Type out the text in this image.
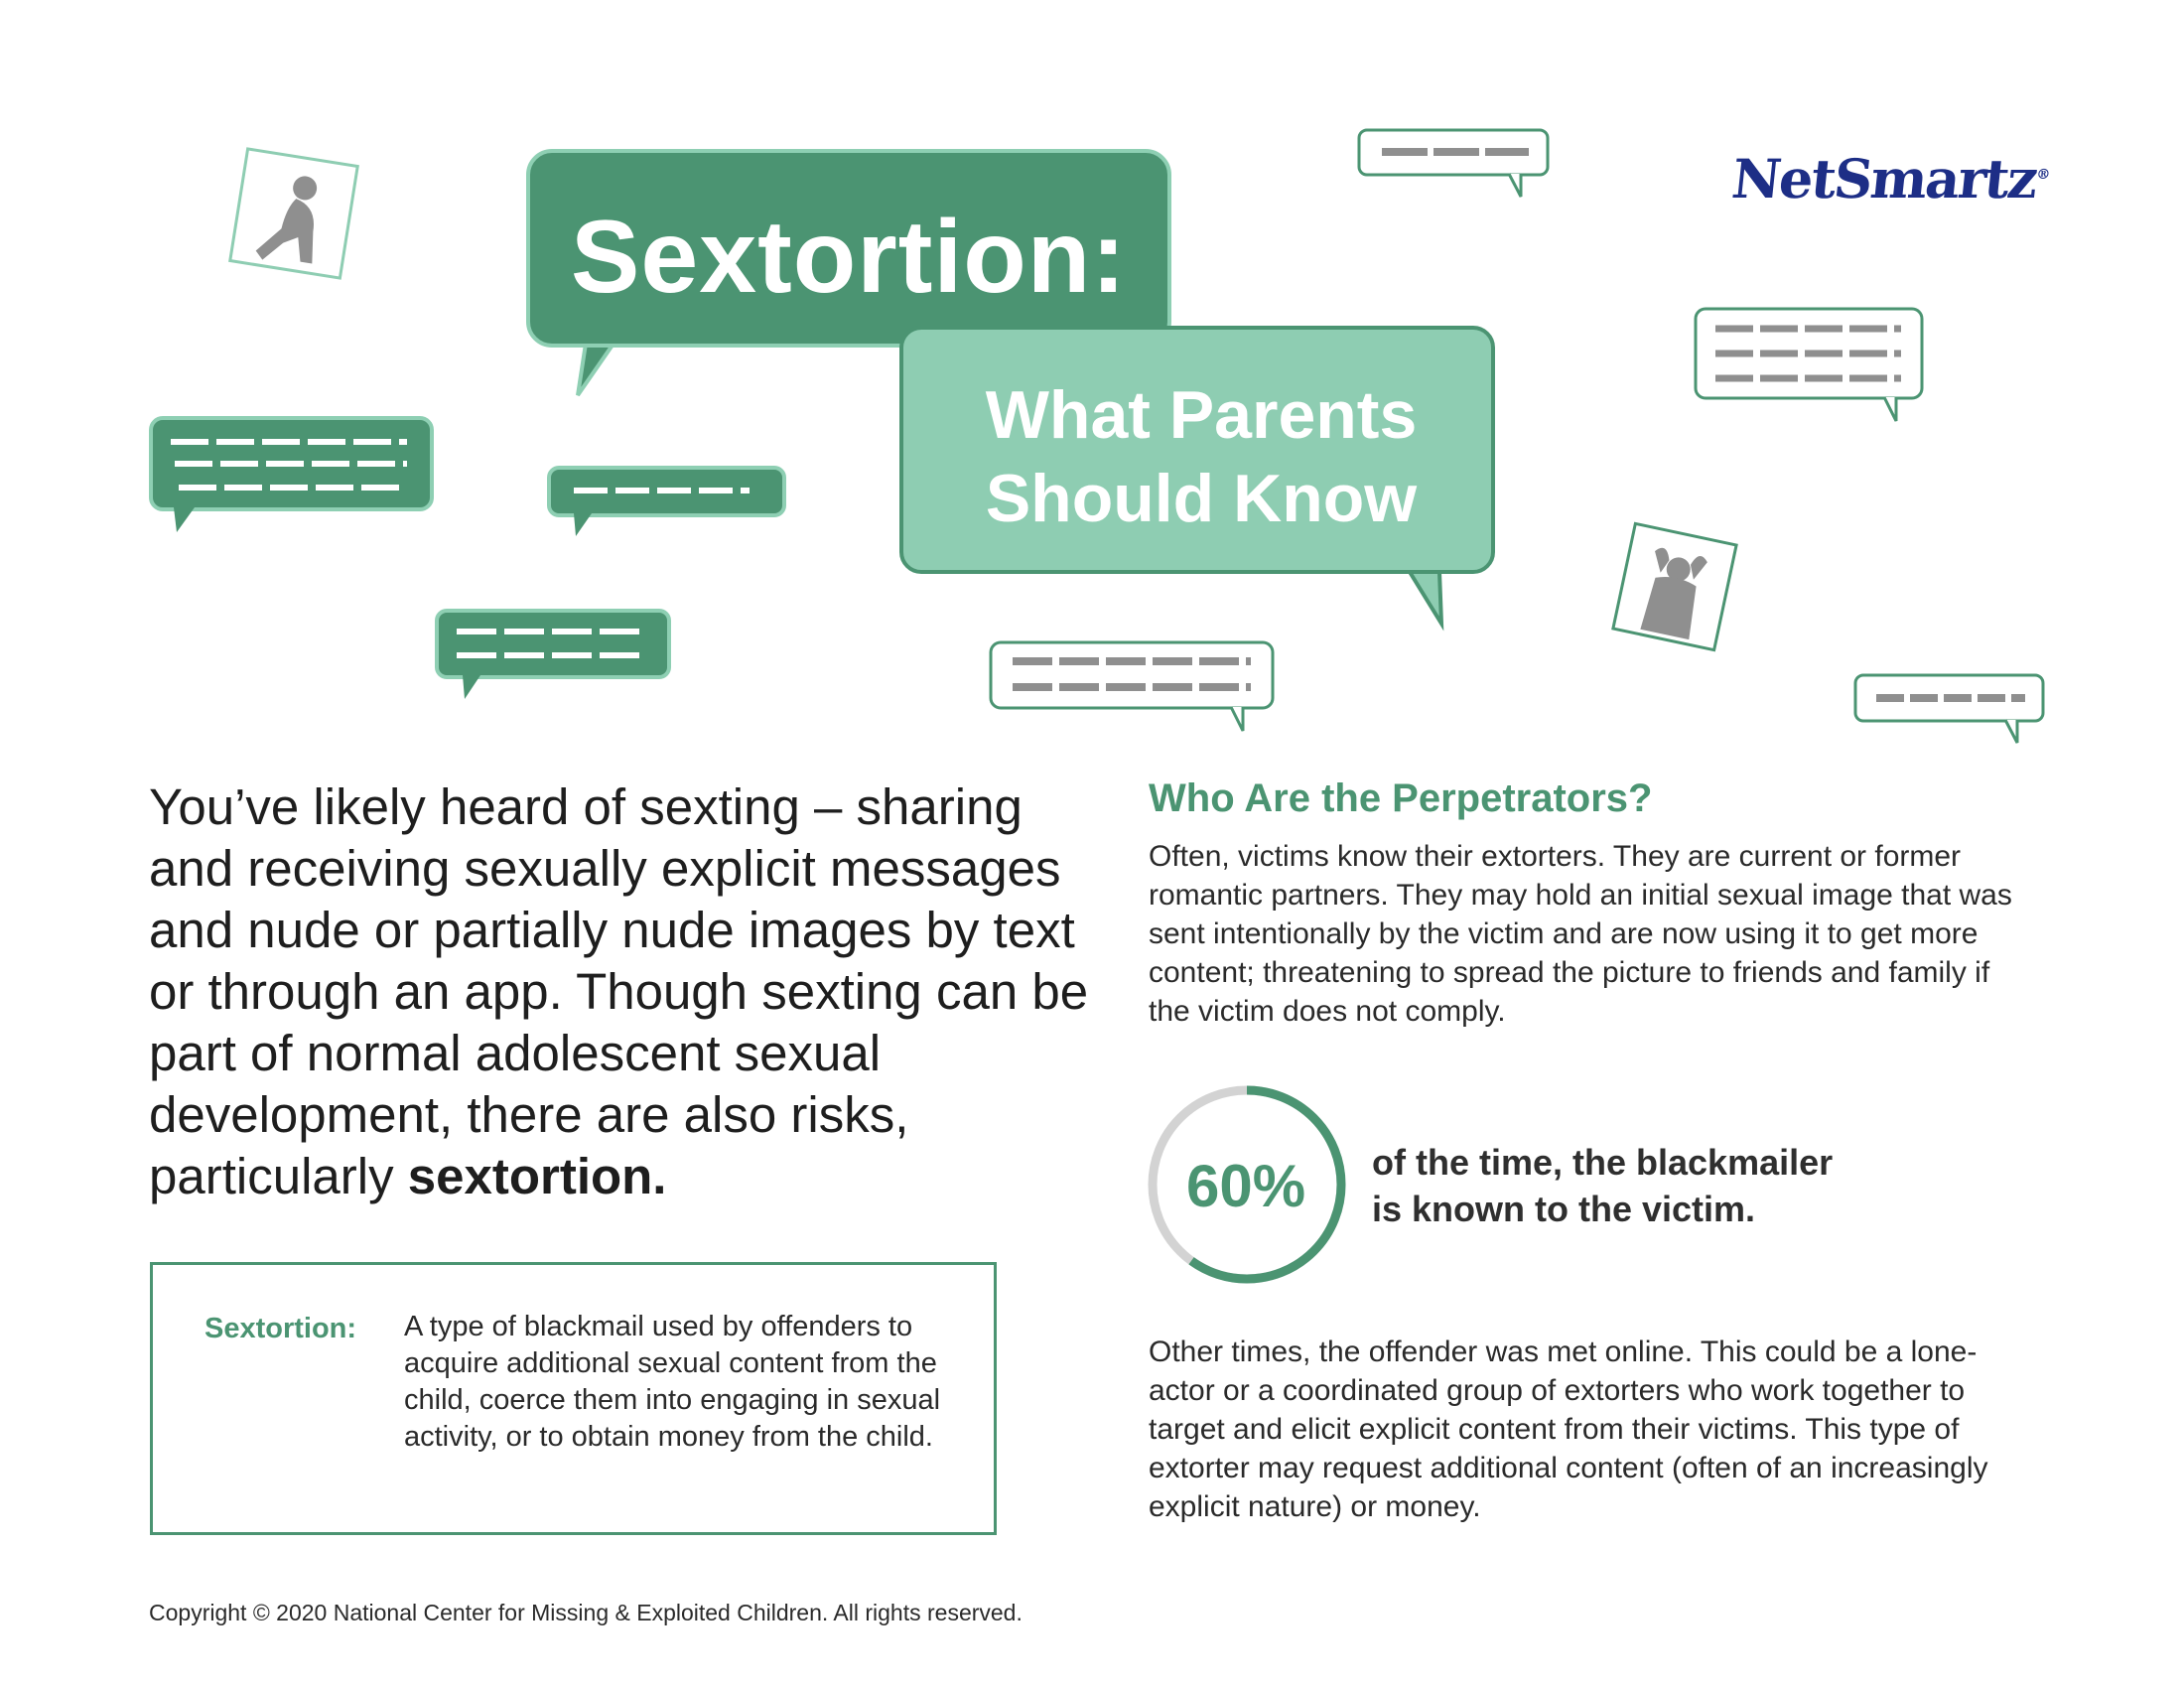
Sextortion:
What Parents
Should Know
NetSmartz®
You’ve likely heard of sexting – sharing and receiving sexually explicit messages and nude or partially nude images by text or through an app. Though sexting can be part of normal adolescent sexual development, there are also risks, particularly sextortion.
Sextortion: A type of blackmail used by offenders to acquire additional sexual content from the child, coerce them into engaging in sexual activity, or to obtain money from the child.
Who Are the Perpetrators?
Often, victims know their extorters. They are current or former romantic partners. They may hold an initial sexual image that was sent intentionally by the victim and are now using it to get more content; threatening to spread the picture to friends and family if the victim does not comply.
60%	of the time, the blackmailer
is known to the victim.
Other times, the offender was met online. This could be a lone-actor or a coordinated group of extorters who work together to target and elicit explicit content from their victims. This type of extorter may request additional content (often of an increasingly explicit nature) or money.
Copyright © 2020 National Center for Missing & Exploited Children. All rights reserved.
